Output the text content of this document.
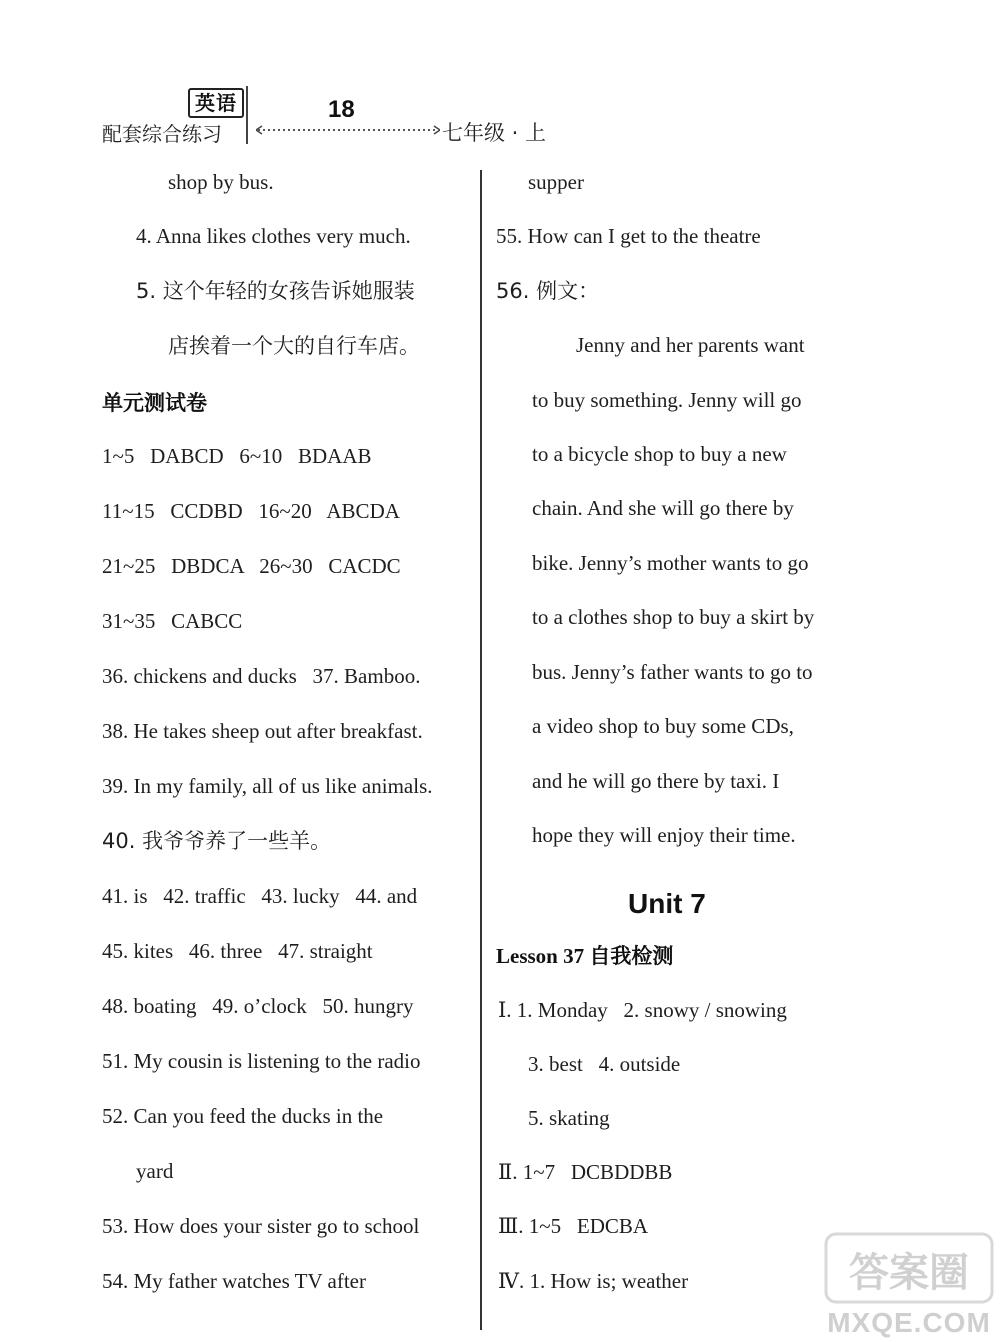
英语
配套综合练习
18
七年级 · 上
shop by bus.
4. Anna likes clothes very much.
5. 这个年轻的女孩告诉她服装
店挨着一个大的自行车店。
单元测试卷
1~5   DABCD   6~10   BDAAB
11~15   CCDBD   16~20   ABCDA
21~25   DBDCA   26~30   CACDC
31~35   CABCC
36. chickens and ducks   37. Bamboo.
38. He takes sheep out after breakfast.
39. In my family, all of us like animals.
40. 我爷爷养了一些羊。
41. is   42. traffic   43. lucky   44. and
45. kites   46. three   47. straight
48. boating   49. o’clock   50. hungry
51. My cousin is listening to the radio
52. Can you feed the ducks in the
yard
53. How does your sister go to school
54. My father watches TV after
supper
55. How can I get to the theatre
56. 例文：
Jenny and her parents want
to buy something. Jenny will go
to a bicycle shop to buy a new
chain. And she will go there by
bike. Jenny’s mother wants to go
to a clothes shop to buy a skirt by
bus. Jenny’s father wants to go to
a video shop to buy some CDs,
and he will go there by taxi. I
hope they will enjoy their time.
Unit 7
Lesson 37 自我检测
Ⅰ. 1. Monday   2. snowy / snowing
3. best   4. outside
5. skating
Ⅱ. 1~7   DCBDDBB
Ⅲ. 1~5   EDCBA
Ⅳ. 1. How is; weather	答案圈
MXQE.COM
